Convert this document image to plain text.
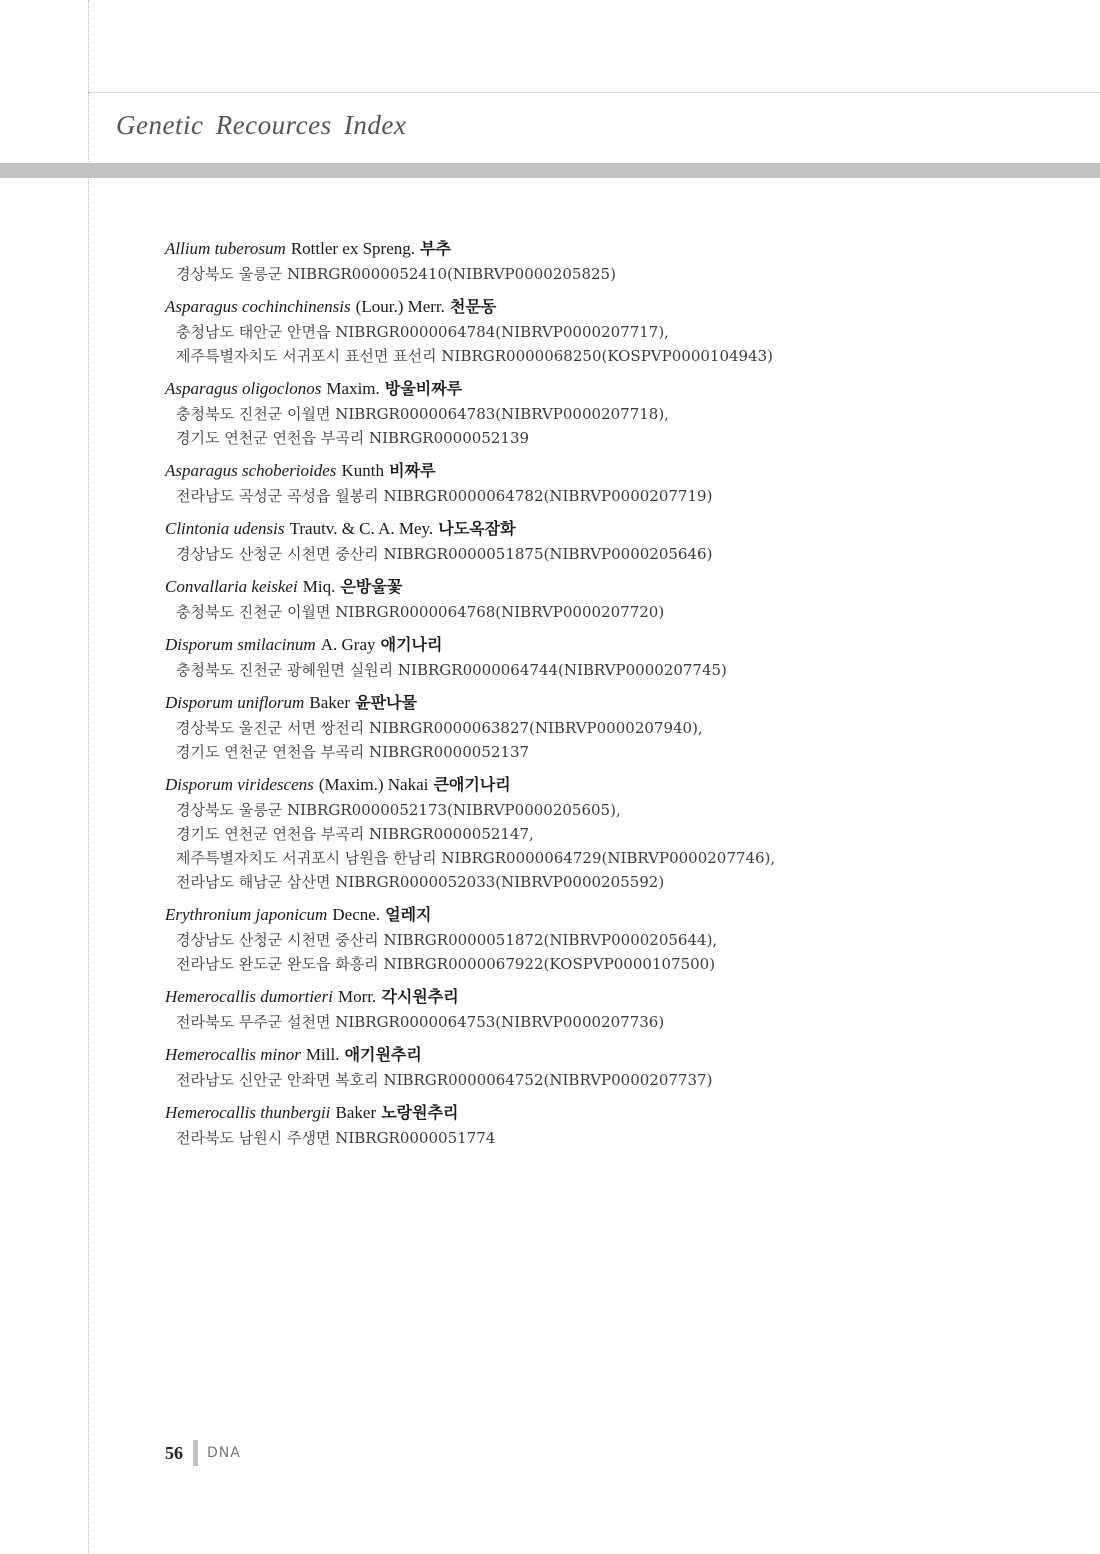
Genetic Recources Index
Allium tuberosum Rottler ex Spreng. 부추
경상북도 울릉군 NIBRGR0000052410(NIBRVP0000205825)
Asparagus cochinchinensis (Lour.) Merr. 천문동
충청남도 태안군 안면읍 NIBRGR0000064784(NIBRVP0000207717),
제주특별자치도 서귀포시 표선면 표선리 NIBRGR0000068250(KOSPVP0000104943)
Asparagus oligoclonos Maxim. 방울비짜루
충청북도 진천군 이월면 NIBRGR0000064783(NIBRVP0000207718),
경기도 연천군 연천읍 부곡리 NIBRGR0000052139
Asparagus schoberioides Kunth 비짜루
전라남도 곡성군 곡성읍 월봉리 NIBRGR0000064782(NIBRVP0000207719)
Clintonia udensis Trautv. & C. A. Mey. 나도옥잠화
경상남도 산청군 시천면 중산리 NIBRGR0000051875(NIBRVP0000205646)
Convallaria keiskei Miq. 은방울꽃
충청북도 진천군 이월면 NIBRGR0000064768(NIBRVP0000207720)
Disporum smilacinum A. Gray 애기나리
충청북도 진천군 광혜원면 실원리 NIBRGR0000064744(NIBRVP0000207745)
Disporum uniflorum Baker 윤판나물
경상북도 울진군 서면 쌍전리 NIBRGR0000063827(NIBRVP0000207940),
경기도 연천군 연천읍 부곡리 NIBRGR0000052137
Disporum viridescens (Maxim.) Nakai 큰애기나리
경상북도 울릉군 NIBRGR0000052173(NIBRVP0000205605),
경기도 연천군 연천읍 부곡리 NIBRGR0000052147,
제주특별자치도 서귀포시 남원읍 한남리 NIBRGR0000064729(NIBRVP0000207746),
전라남도 해남군 삼산면 NIBRGR0000052033(NIBRVP0000205592)
Erythronium japonicum Decne. 얼레지
경상남도 산청군 시천면 중산리 NIBRGR0000051872(NIBRVP0000205644),
전라남도 완도군 완도읍 화흥리 NIBRGR0000067922(KOSPVP0000107500)
Hemerocallis dumortieri Morr. 각시원추리
전라북도 무주군 설천면 NIBRGR0000064753(NIBRVP0000207736)
Hemerocallis minor Mill. 애기원추리
전라남도 신안군 안좌면 복호리 NIBRGR0000064752(NIBRVP0000207737)
Hemerocallis thunbergii Baker 노랑원추리
전라북도 남원시 주생면 NIBRGR0000051774
56 DNA
